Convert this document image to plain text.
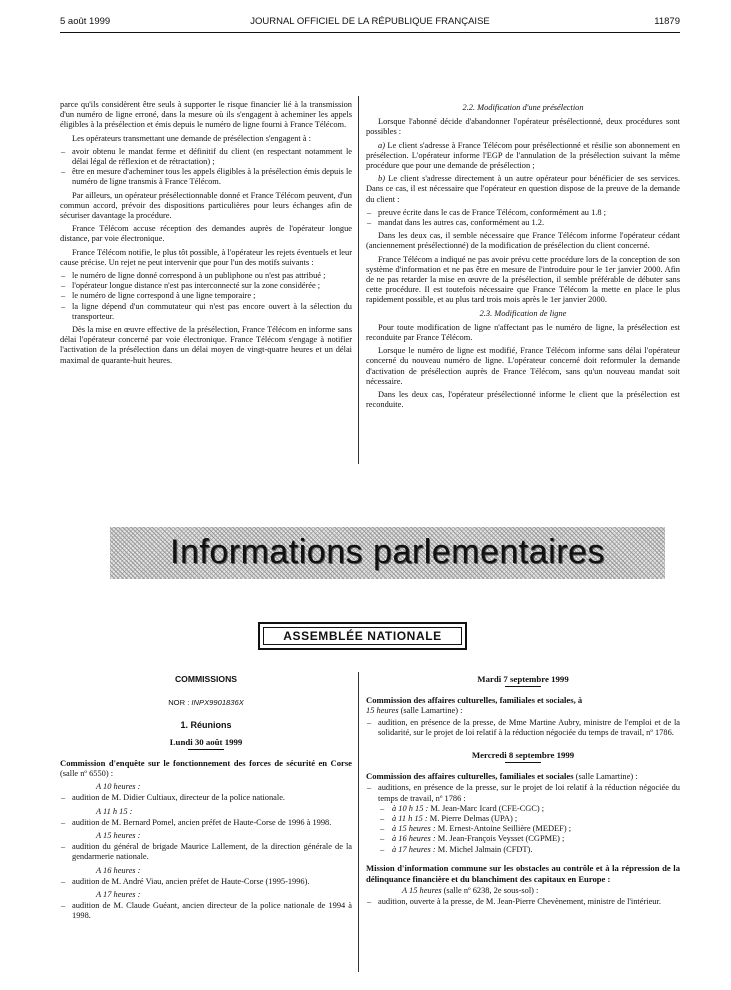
5 août 1999	JOURNAL OFFICIEL DE LA RÉPUBLIQUE FRANÇAISE	11879

parce qu'ils considèrent être seuls à supporter le risque financier lié à la transmission d'un numéro de ligne erroné, dans la mesure où ils s'engagent à acheminer les appels éligibles à la présélection et émis depuis le numéro de ligne fourni à France Télécom.

Les opérateurs transmettant une demande de présélection s'engagent à :

– avoir obtenu le mandat ferme et définitif du client (en respectant notamment le délai légal de réflexion et de rétractation) ;
– être en mesure d'acheminer tous les appels éligibles à la présélection émis depuis le numéro de ligne transmis à France Télécom.

Par ailleurs, un opérateur présélectionnable donné et France Télécom peuvent, d'un commun accord, prévoir des dispositions particulières pour leurs échanges afin de sécuriser davantage la procédure.

France Télécom accuse réception des demandes auprès de l'opérateur longue distance, par voie électronique.

France Télécom notifie, le plus tôt possible, à l'opérateur les rejets éventuels et leur cause précise. Un rejet ne peut intervenir que pour l'un des motifs suivants :

– le numéro de ligne donné correspond à un publiphone ou n'est pas attribué ;
– l'opérateur longue distance n'est pas interconnecté sur la zone considérée ;
– le numéro de ligne correspond à une ligne temporaire ;
– la ligne dépend d'un commutateur qui n'est pas encore ouvert à la sélection du transporteur.

Dès la mise en œuvre effective de la présélection, France Télécom en informe sans délai l'opérateur concerné par voie électronique. France Télécom s'engage à notifier l'activation de la présélection dans un délai moyen de vingt-quatre heures et un délai maximal de quarante-huit heures.

2.2. Modification d'une présélection

Lorsque l'abonné décide d'abandonner l'opérateur présélectionné, deux procédures sont possibles :

a) Le client s'adresse à France Télécom pour présélectionné et résilie son abonnement en présélection. L'opérateur informe l'EGP de l'annulation de la présélection suivant la même procédure que pour une demande de présélection ;

b) Le client s'adresse directement à un autre opérateur pour bénéficier de ses services. Dans ce cas, il est nécessaire que l'opérateur en question dispose de la preuve de la demande du client :

– preuve écrite dans le cas de France Télécom, conformément au 1.8 ;
– mandat dans les autres cas, conformément au 1.2.

Dans les deux cas, il semble nécessaire que France Télécom informe l'opérateur cédant (anciennement présélectionné) de la modification de présélection du client concerné.

France Télécom a indiqué ne pas avoir prévu cette procédure lors de la conception de son système d'information et ne pas être en mesure de l'introduire pour le 1er janvier 2000. Afin de ne pas retarder la mise en œuvre de la présélection, il semble préférable de débuter sans cette procédure. Il est toutefois nécessaire que France Télécom la mette en place le plus rapidement possible, et au plus tard trois mois après le 1er janvier 2000.

2.3. Modification de ligne

Pour toute modification de ligne n'affectant pas le numéro de ligne, la présélection est reconduite par France Télécom.

Lorsque le numéro de ligne est modifié, France Télécom informe sans délai l'opérateur concerné du nouveau numéro de ligne. L'opérateur concerné doit reformuler la demande d'activation de présélection auprès de France Télécom, sans qu'un nouveau mandat soit nécessaire.

Dans les deux cas, l'opérateur présélectionné informe le client que la présélection est reconduite.

Informations parlementaires
ASSEMBLÉE NATIONALE
COMMISSIONS
NOR : INPX9901836X
1. Réunions
Lundi 30 août 1999

Commission d'enquête sur le fonctionnement des forces de sécurité en Corse (salle nº 6550) :

A 10 heures :
– audition de M. Didier Cultiaux, directeur de la police nationale.
A 11 h 15 :
– audition de M. Bernard Pomel, ancien préfet de Haute-Corse de 1996 à 1998.
A 15 heures :
– audition du général de brigade Maurice Lallement, de la direction générale de la gendarmerie nationale.
A 16 heures :
– audition de M. André Viau, ancien préfet de Haute-Corse (1995-1996).
A 17 heures :
– audition de M. Claude Guéant, ancien directeur de la police nationale de 1994 à 1998.
Mardi 7 septembre 1999

Commission des affaires culturelles, familiales et sociales, à
15 heures (salle Lamartine) :

– audition, en présence de la presse, de Mme Martine Aubry, ministre de l'emploi et de la solidarité, sur le projet de loi relatif à la réduction négociée du temps de travail, nº 1786.
Mercredi 8 septembre 1999

Commission des affaires culturelles, familiales et sociales (salle Lamartine) :

– auditions, en présence de la presse, sur le projet de loi relatif à la réduction négociée du temps de travail, nº 1786 :
– à 10 h 15 : M. Jean-Marc Icard (CFE-CGC) ;
– à 11 h 15 : M. Pierre Delmas (UPA) ;
– à 15 heures : M. Ernest-Antoine Seillière (MEDEF) ;
– à 16 heures : M. Jean-François Veysset (CGPME) ;
– à 17 heures : M. Michel Jalmain (CFDT).

Mission d'information commune sur les obstacles au contrôle et à la répression de la délinquance financière et du blanchiment des capitaux en Europe :

A 15 heures (salle nº 6238, 2e sous-sol) :

– audition, ouverte à la presse, de M. Jean-Pierre Chevènement, ministre de l'intérieur.
